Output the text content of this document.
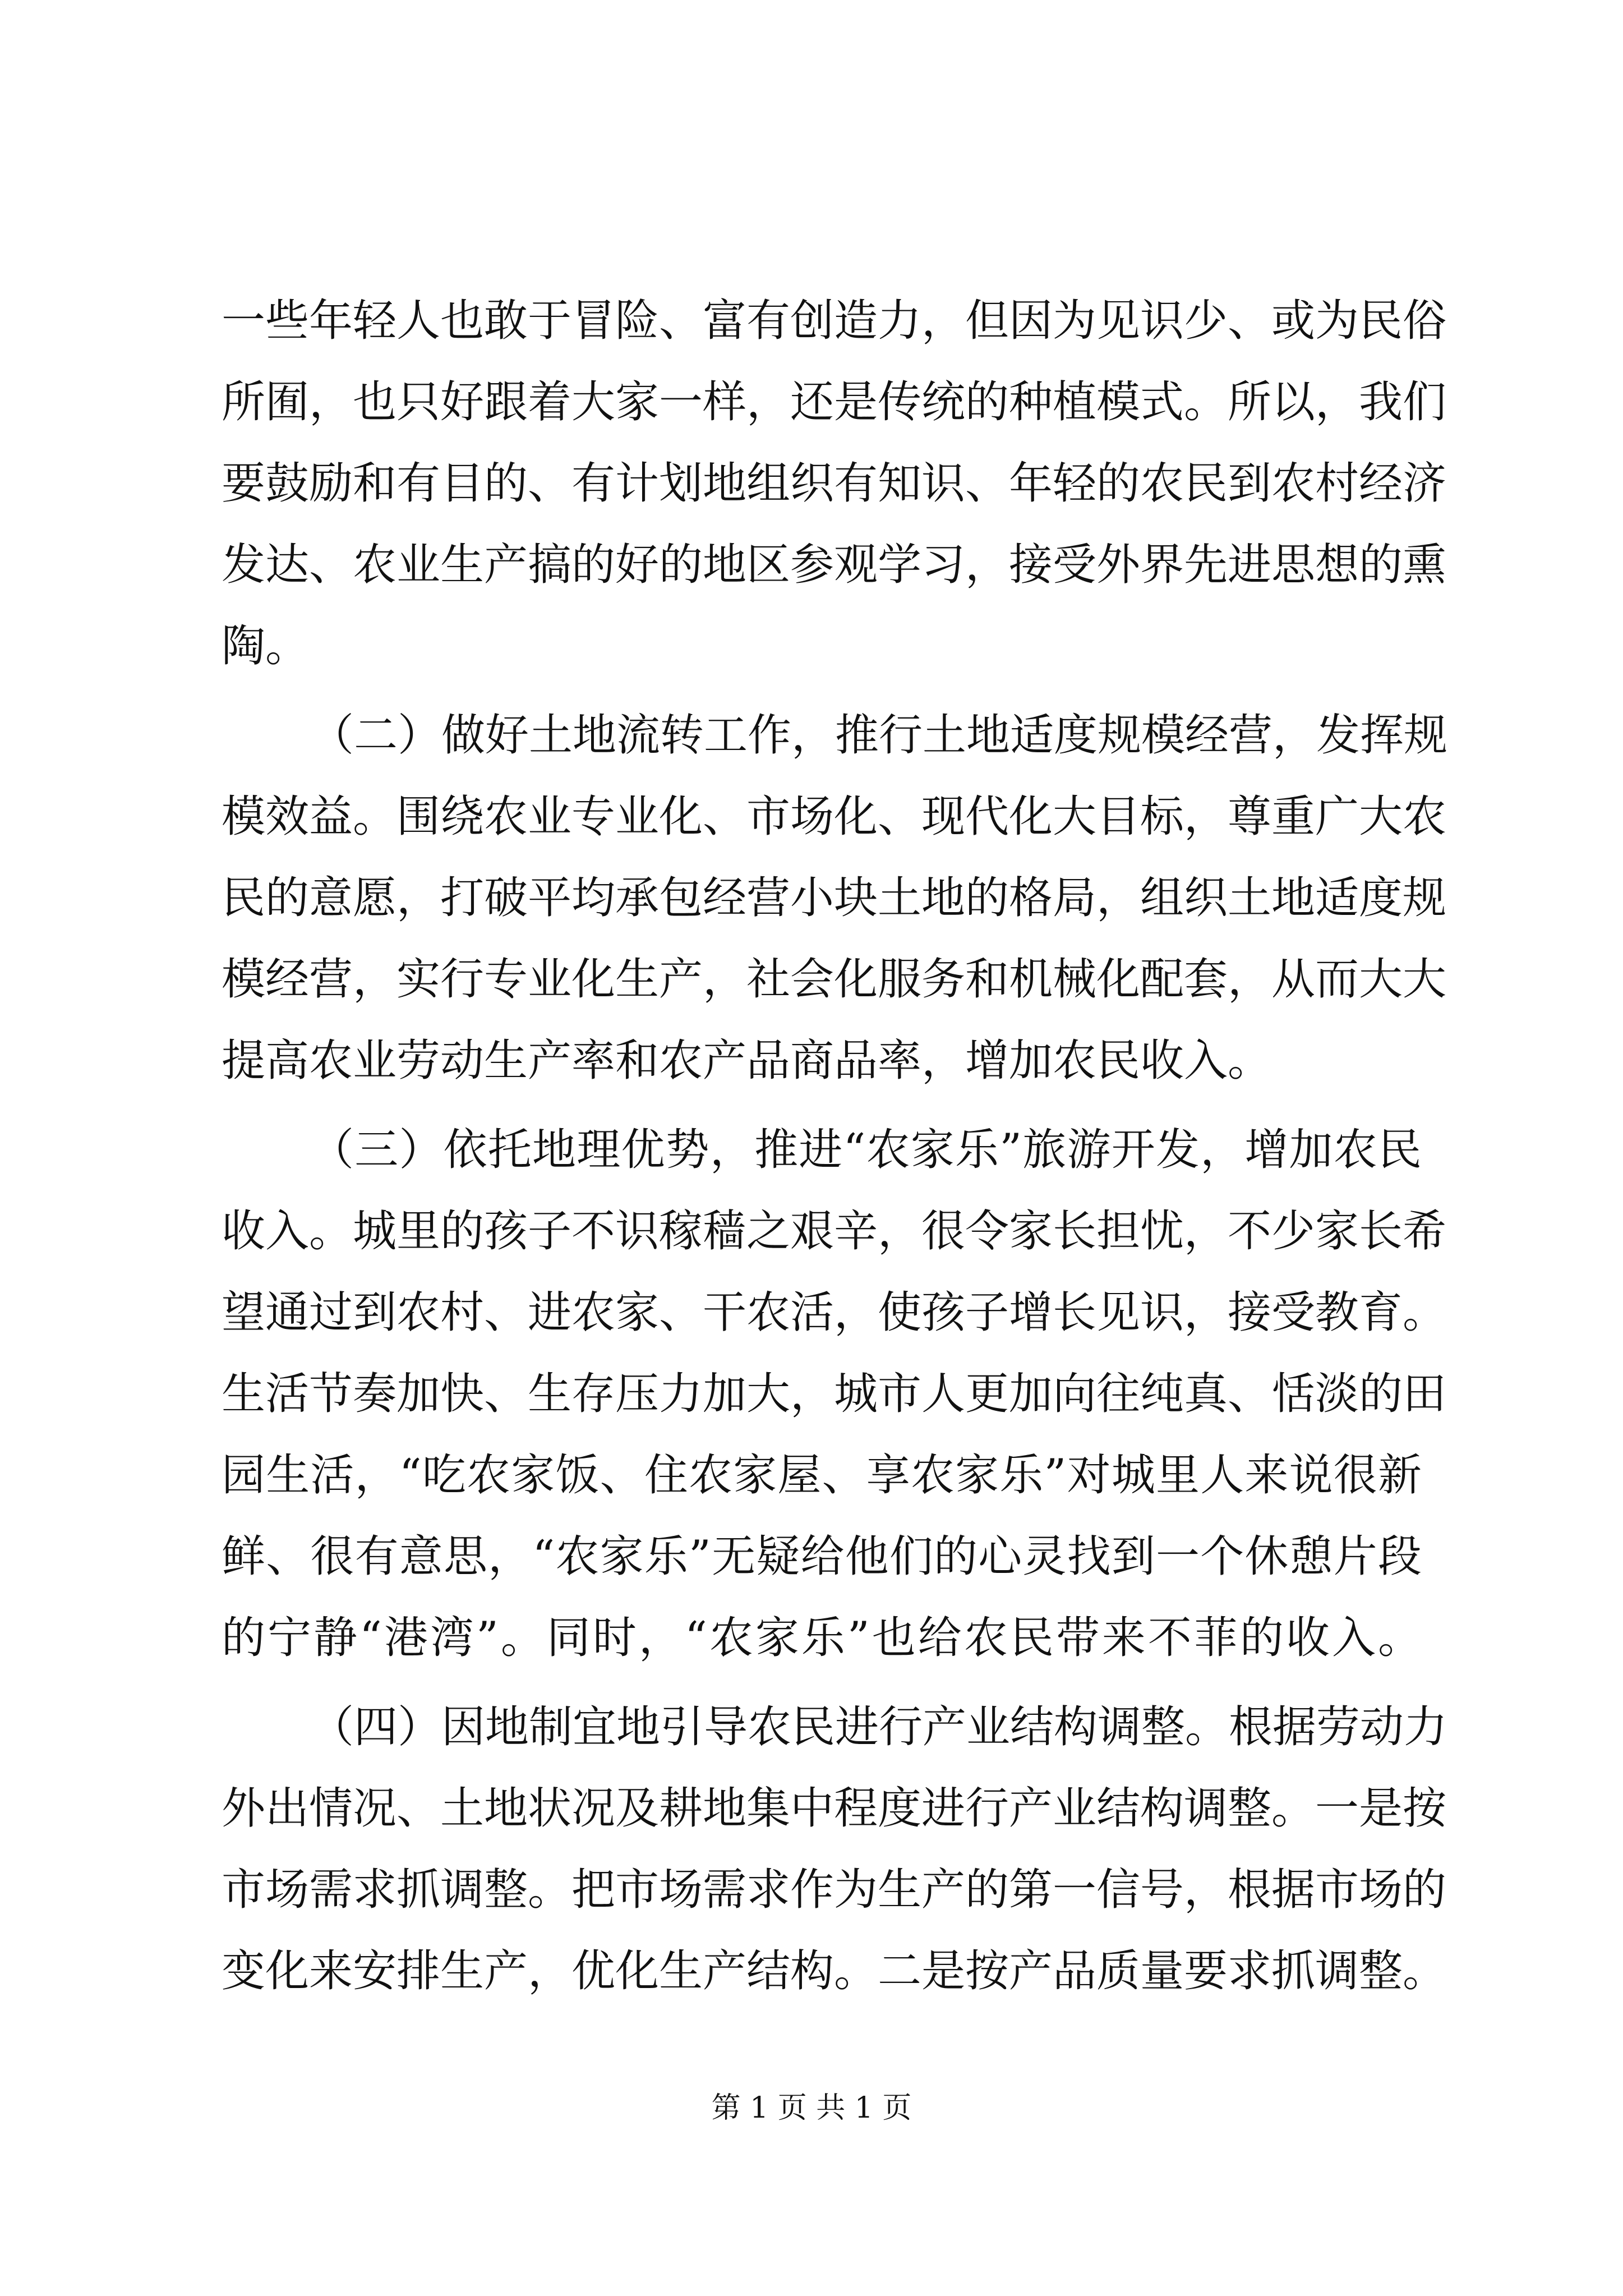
一些年轻人也敢于冒险、富有创造力，但因为见识少、或为民俗
所囿，也只好跟着大家一样，还是传统的种植模式。所以，我们
要鼓励和有目的、有计划地组织有知识、年轻的农民到农村经济
发达、农业生产搞的好的地区参观学习，接受外界先进思想的熏
陶。
（二）做好土地流转工作，推行土地适度规模经营，发挥规
模效益。围绕农业专业化、市场化、现代化大目标，尊重广大农
民的意愿，打破平均承包经营小块土地的格局，组织土地适度规
模经营，实行专业化生产，社会化服务和机械化配套，从而大大
提高农业劳动生产率和农产品商品率，增加农民收入。
（三）依托地理优势，推进“农家乐”旅游开发，增加农民
收入。城里的孩子不识稼穑之艰辛，很令家长担忧，不少家长希
望通过到农村、进农家、干农活，使孩子增长见识，接受教育。
生活节奏加快、生存压力加大，城市人更加向往纯真、恬淡的田
园生活，“吃农家饭、住农家屋、享农家乐”对城里人来说很新
鲜、很有意思，“农家乐”无疑给他们的心灵找到一个休憩片段
的宁静“港湾”。同时，“农家乐”也给农民带来不菲的收入。
（四）因地制宜地引导农民进行产业结构调整。根据劳动力
外出情况、土地状况及耕地集中程度进行产业结构调整。一是按
市场需求抓调整。把市场需求作为生产的第一信号，根据市场的
变化来安排生产，优化生产结构。二是按产品质量要求抓调整。
第 1 页 共 1 页
